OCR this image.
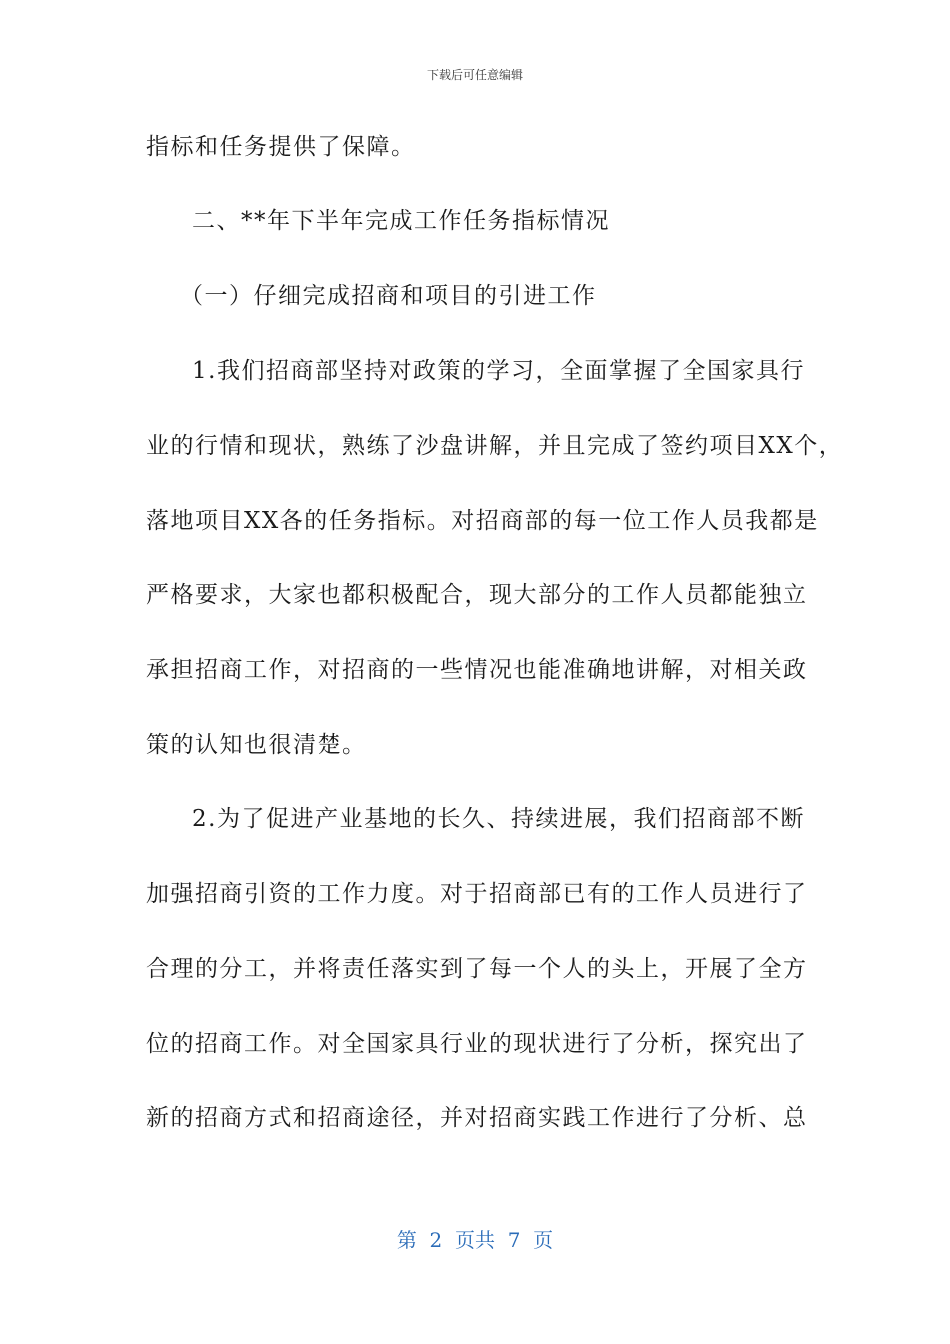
下载后可任意编辑
指标和任务提供了保障。
二、**年下半年完成工作任务指标情况
（一）仔细完成招商和项目的引进工作
1.我们招商部坚持对政策的学习，全面掌握了全国家具行
业的行情和现状，熟练了沙盘讲解，并且完成了签约项目XX个，
落地项目XX各的任务指标。对招商部的每一位工作人员我都是
严格要求，大家也都积极配合，现大部分的工作人员都能独立
承担招商工作，对招商的一些情况也能准确地讲解，对相关政
策的认知也很清楚。
2.为了促进产业基地的长久、持续进展，我们招商部不断
加强招商引资的工作力度。对于招商部已有的工作人员进行了
合理的分工，并将责任落实到了每一个人的头上，开展了全方
位的招商工作。对全国家具行业的现状进行了分析，探究出了
新的招商方式和招商途径，并对招商实践工作进行了分析、总
第  2  页共  7  页
